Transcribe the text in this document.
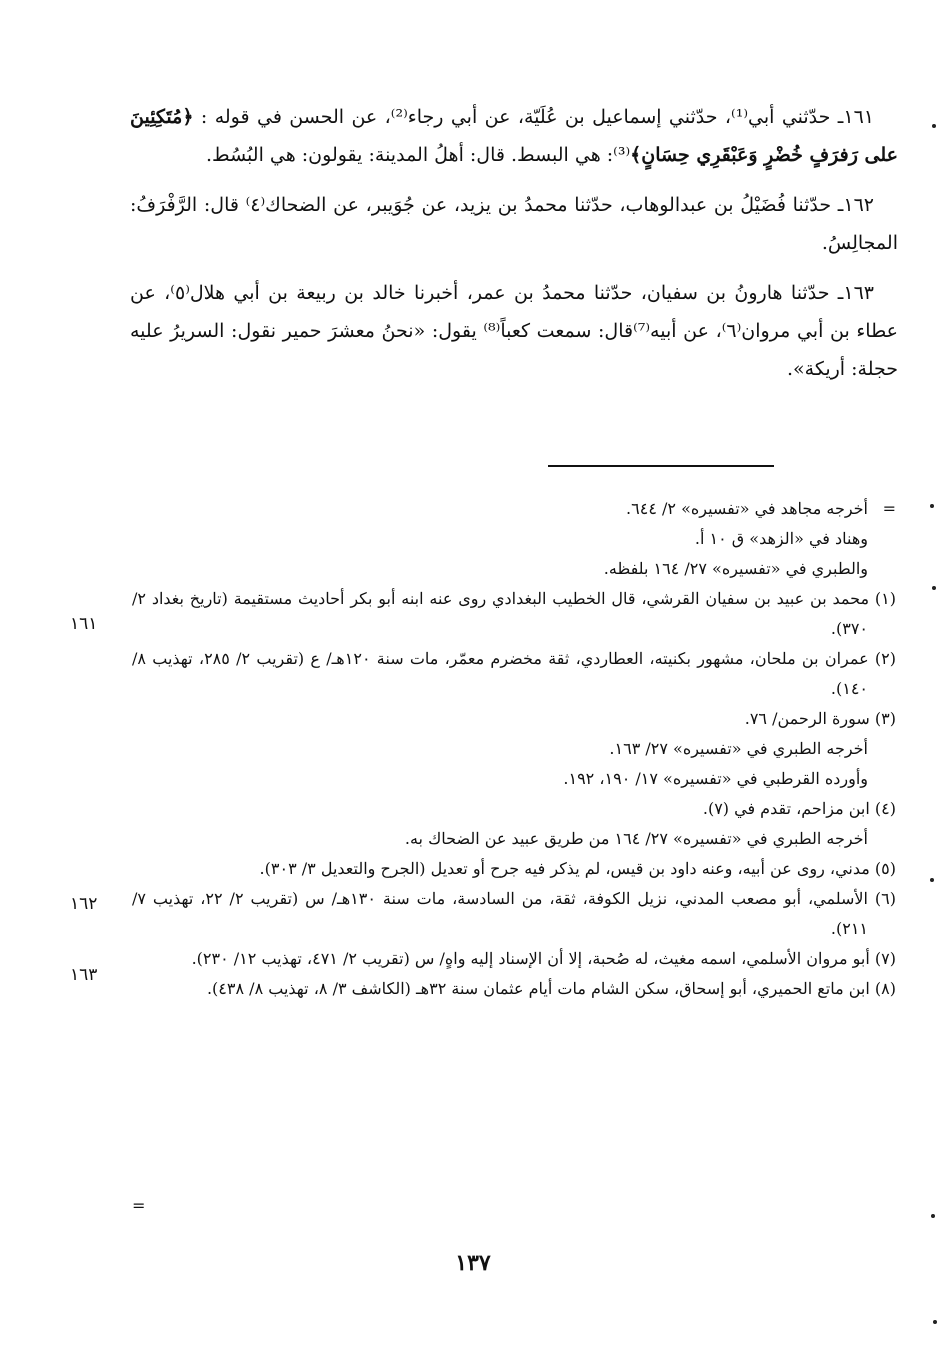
١٦١ـ حدّثني أبي⁽¹⁾، حدّثني إسماعيل بن عُلَيّة، عن أبي رجاء⁽²⁾، عن الحسن في قوله : ﴿مُتَكِئِينَ على رَفرَفٍ خُضْرٍ وَعَبْقَرِي حِسَانٍ﴾⁽³⁾: هي البسط. قال: أهلُ المدينة: يقولون: هي البُسُط.

١٦٢ـ حدّثنا فُضَيْلُ بن عبدالوهاب، حدّثنا محمدُ بن يزيد، عن جُوَيبر، عن الضحاك⁽٤⁾ قال: الرَّفْرَفُ: المجالِسُ.

١٦٣ـ حدّثنا هارونُ بن سفيان، حدّثنا محمدُ بن عمر، أخبرنا خالد بن ربيعة بن أبي هلال⁽٥⁾، عن عطاء بن أبي مروان⁽٦⁾، عن أبيه⁽⁷⁾قال: سمعت كعباً⁽⁸⁾ يقول: «نحنُ معشرَ حمير نقول: السريرُ عليه حجلة: أريكة».

=
أخرجه مجاهد في «تفسيره» ٢/ ٦٤٤.
وهناد في «الزهد» ق ١٠ أ.
والطبري في «تفسيره» ٢٧/ ١٦٤ بلفظه.
(١) محمد بن عبيد بن سفيان القرشي، قال الخطيب البغدادي روى عنه ابنه أبو بكر أحاديث مستقيمة (تاريخ بغداد ٢/ ٣٧٠).
(٢) عمران بن ملحان، مشهور بكنيته، العطاردي، ثقة مخضرم معمّر، مات سنة ١٢٠هـ/ ع (تقريب ٢/ ٢٨٥، تهذيب ٨/ ١٤٠).
(٣) سورة الرحمن/ ٧٦.
أخرجه الطبري في «تفسيره» ٢٧/ ١٦٣.
وأورده القرطبي في «تفسيره» ١٧/ ١٩٠، ١٩٢.
(٤) ابن مزاحم، تقدم في (٧).
أخرجه الطبري في «تفسيره» ٢٧/ ١٦٤ من طريق عبيد عن الضحاك به.
(٥) مدني، روى عن أبيه، وعنه داود بن قيس، لم يذكر فيه جرح أو تعديل (الجرح والتعديل ٣/ ٣٠٣).
(٦) الأسلمي، أبو مصعب المدني، نزيل الكوفة، ثقة، من السادسة، مات سنة ١٣٠هـ/ س (تقريب ٢/ ٢٢، تهذيب ٧/ ٢١١).
(٧) أبو مروان الأسلمي، اسمه مغيث، له صُحبة، إلا أن الإسناد إليه واهٍ/ س (تقريب ٢/ ٤٧١، تهذيب ١٢/ ٢٣٠).
(٨) ابن ماتع الحميري، أبو إسحاق، سكن الشام مات أيام عثمان سنة ٣٢هـ (الكاشف ٣/ ٨، تهذيب ٨/ ٤٣٨).
=
١٦١
١٦٢
١٦٣
١٣٧
